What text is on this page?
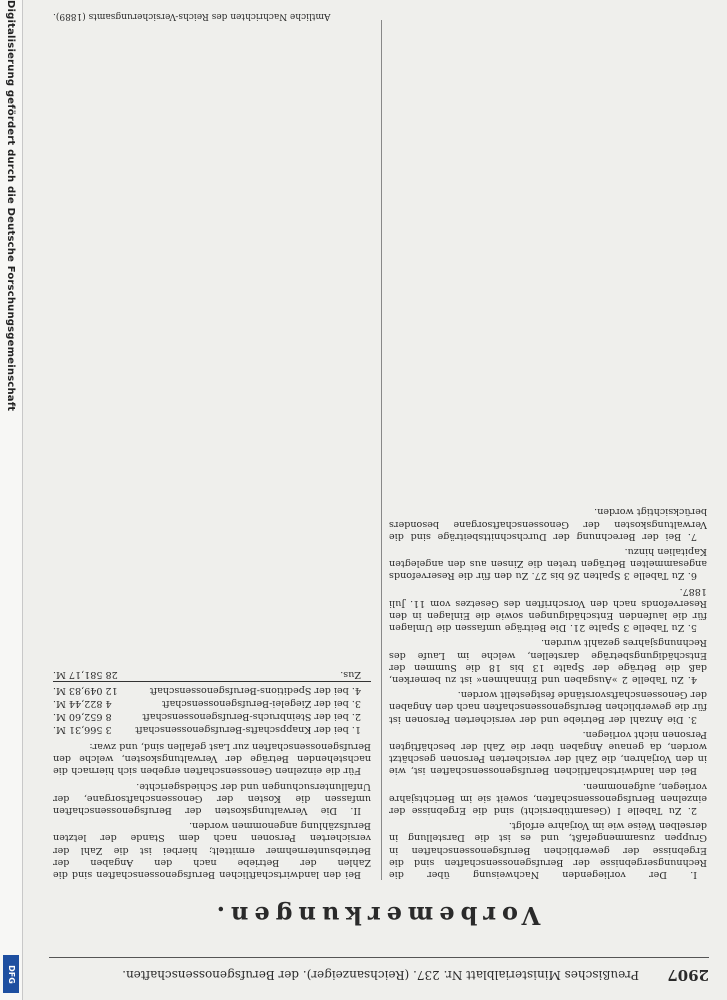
Digitalisierung gefördert durch die Deutsche Forschungsgemeinschaft
DFG	2907
Preußisches Ministerialblatt Nr. 237. (Reichsanzeiger). der Berufsgenossenschaften.
Vorbemerkungen.

I. Der vorliegenden Nachweisung über die Rechnungsergebnisse der Berufsgenossenschaften sind die Ergebnisse der gewerblichen Berufsgenossenschaften in Gruppen zusammengefaßt, und es ist die Darstellung in derselben Weise wie im Vorjahre erfolgt.

2. Zu Tabelle I (Gesamtübersicht) sind die Ergebnisse der einzelnen Berufsgenossenschaften, soweit sie im Berichtsjahre vorliegen, aufgenommen.

Bei den landwirtschaftlichen Berufsgenossenschaften ist, wie in den Vorjahren, die Zahl der versicherten Personen geschätzt worden, da genaue Angaben über die Zahl der beschäftigten Personen nicht vorliegen.

3. Die Anzahl der Betriebe und der versicherten Personen ist für die gewerblichen Berufsgenossenschaften nach den Angaben der Genossenschaftsvorstände festgestellt worden.

4. Zu Tabelle 2 »Ausgaben und Einnahmen« ist zu bemerken, daß die Beträge der Spalte 13 bis 18 die Summen der Entschädigungsbeträge darstellen, welche im Laufe des Rechnungsjahres gezahlt wurden.

5. Zu Tabelle 3 Spalte 21. Die Beiträge umfassen die Umlagen für die laufenden Entschädigungen sowie die Einlagen in den Reservefonds nach den Vorschriften des Gesetzes vom 11. Juli 1887.

6. Zu Tabelle 3 Spalten 26 bis 27. Zu den für die Reservefonds angesammelten Beträgen treten die Zinsen aus den angelegten Kapitalien hinzu.

7. Bei der Berechnung der Durchschnittsbeiträge sind die Verwaltungskosten der Genossenschaftsorgane besonders berücksichtigt worden.

Bei den landwirtschaftlichen Berufsgenossenschaften sind die Zahlen der Betriebe nach den Angaben der Betriebsunternehmer ermittelt; hierbei ist die Zahl der versicherten Personen nach dem Stande der letzten Berufszählung angenommen worden.

II. Die Verwaltungskosten der Berufsgenossenschaften umfassen die Kosten der Genossenschaftsorgane, der Unfalluntersuchungen und der Schiedsgerichte.

Für die einzelnen Genossenschaften ergeben sich hiernach die nachstehenden Beträge der Verwaltungskosten, welche den Berufsgenossenschaften zur Last gefallen sind, und zwar:

1. bei der Knappschafts-Berufsgenossenschaft
3 566,31 M.
2. bei der Steinbruchs-Berufsgenossenschaft
8 652,60 M.
3. bei der Ziegelei-Berufsgenossenschaft
4 822,44 M.
4. bei der Speditions-Berufsgenossenschaft
12 049,83 M.
Zus.
28 581,17 M.
Amtliche Nachrichten des Reichs-Versicherungsamts (1889).
